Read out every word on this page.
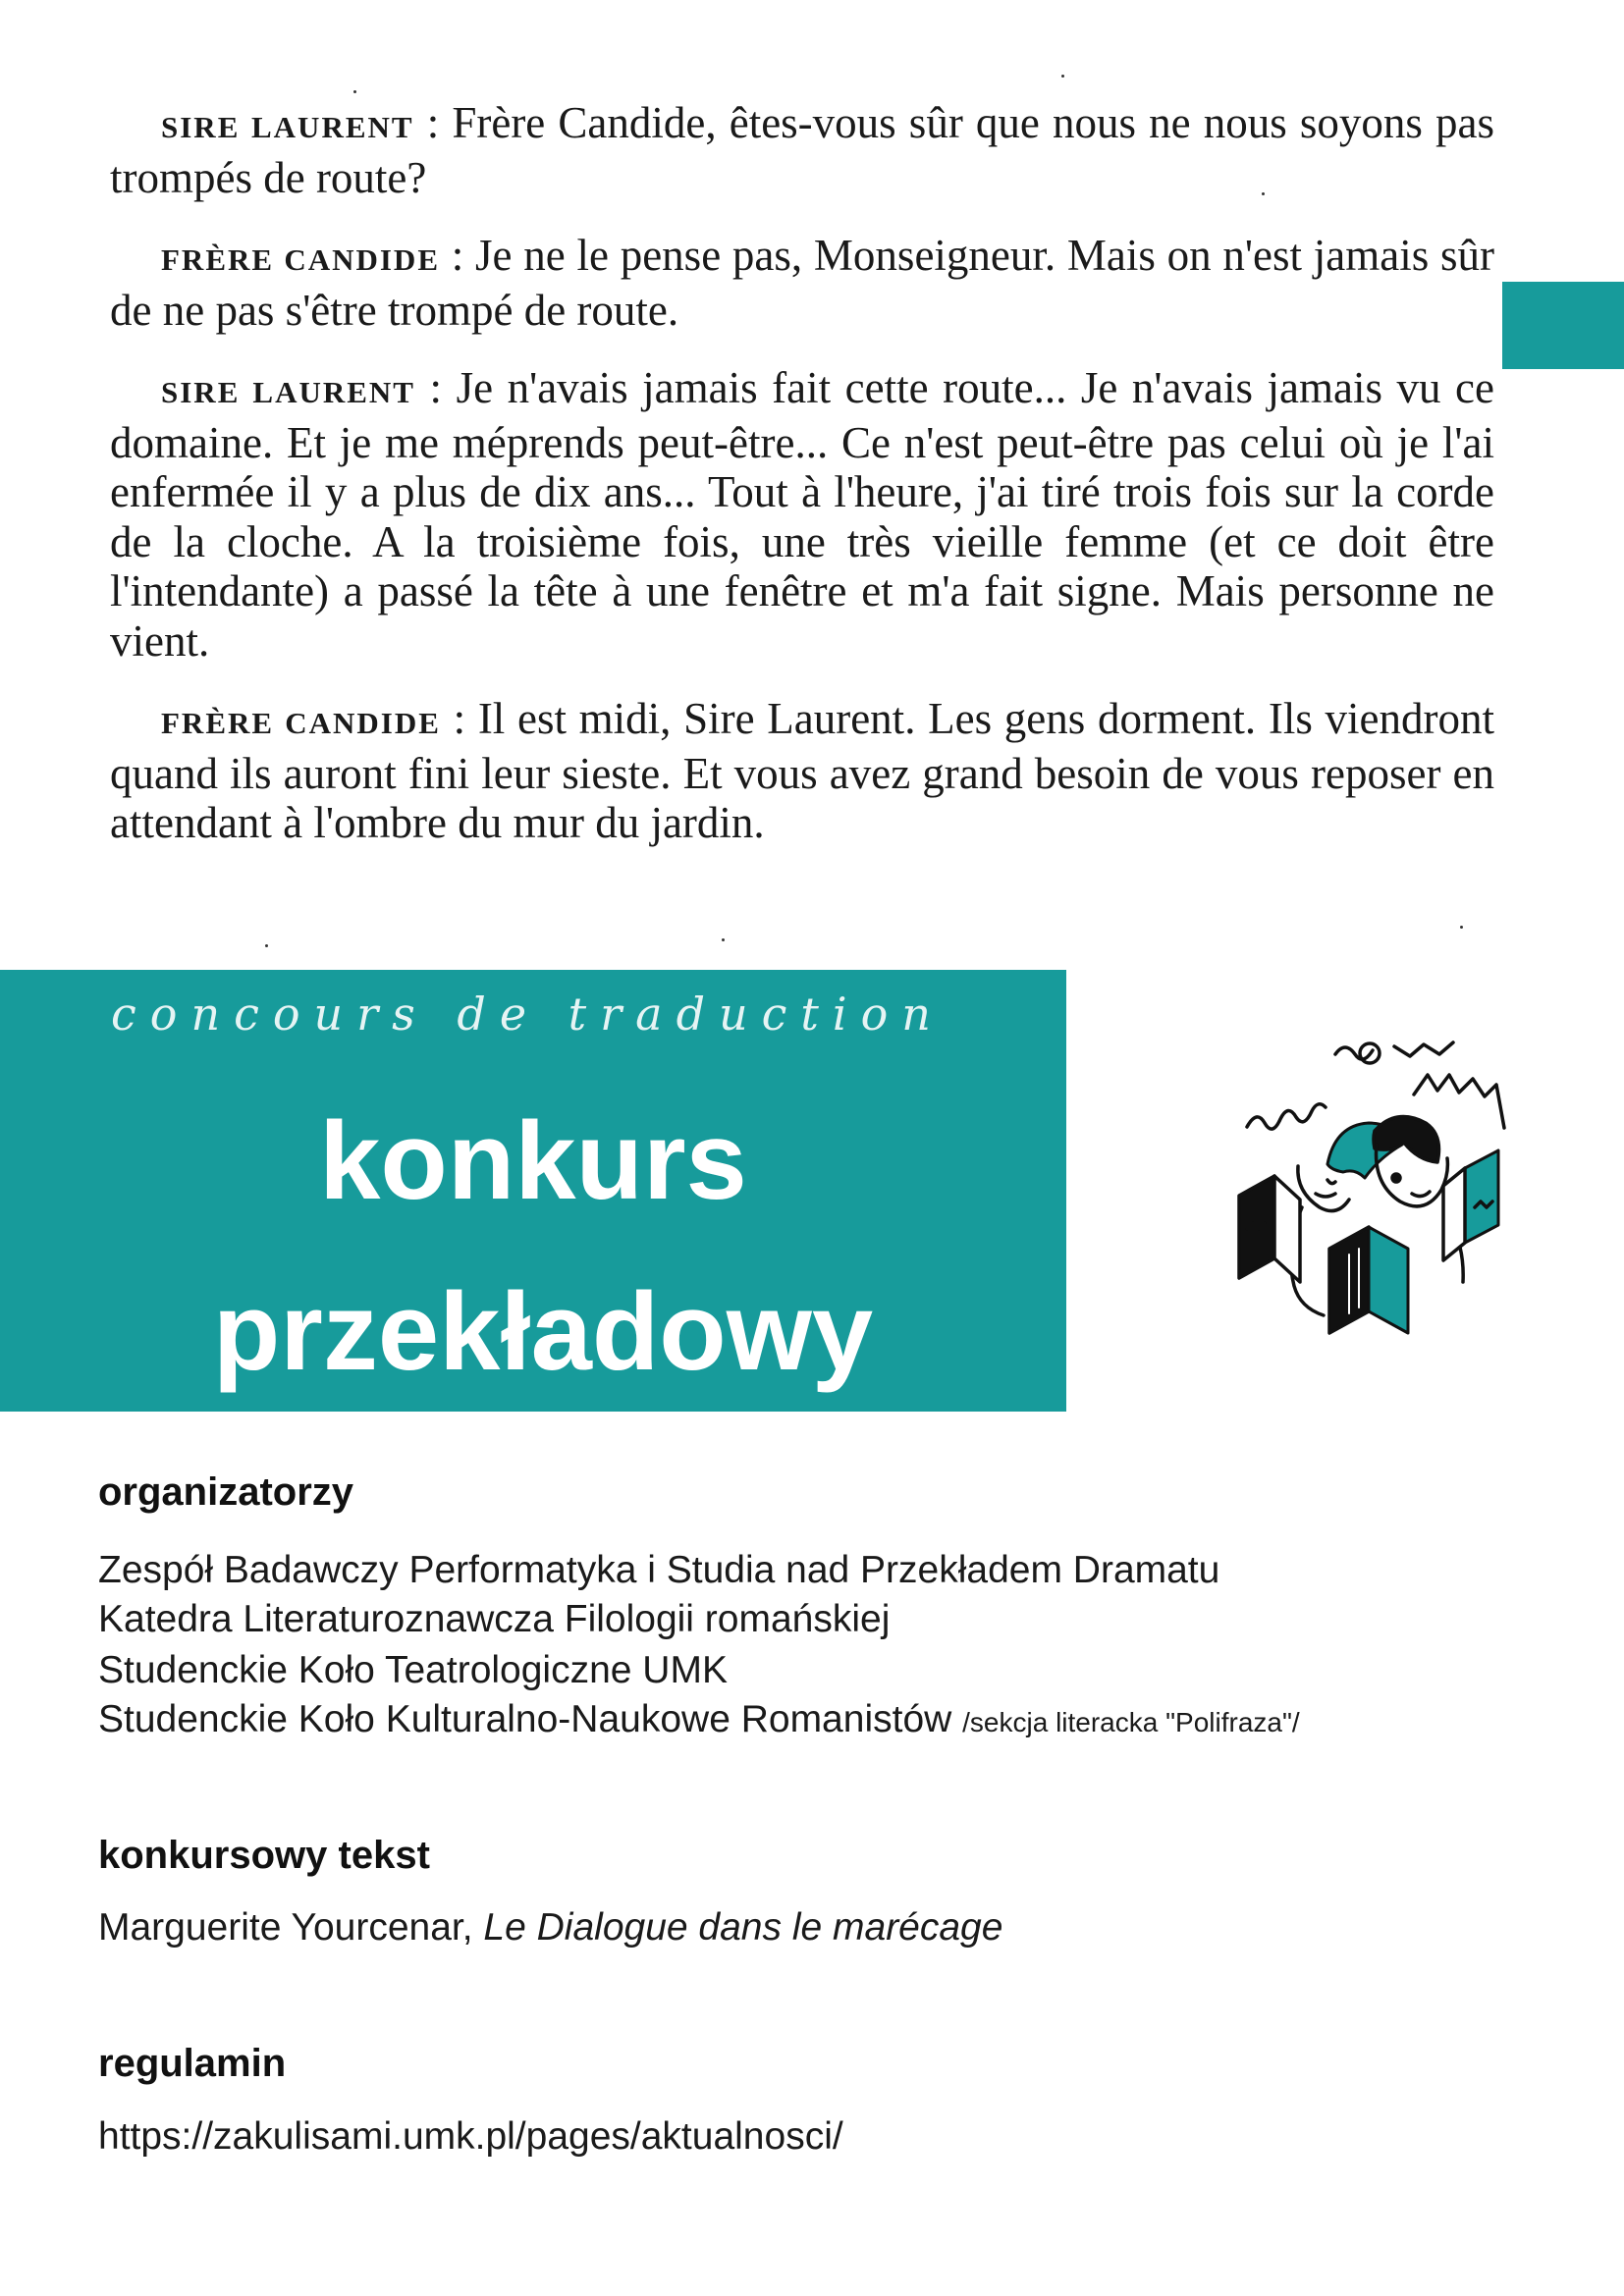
SIRE LAURENT : Frère Candide, êtes-vous sûr que nous ne nous soyons pas trompés de route?

FRÈRE CANDIDE : Je ne le pense pas, Monseigneur. Mais on n'est jamais sûr de ne pas s'être trompé de route.

SIRE LAURENT : Je n'avais jamais fait cette route... Je n'avais jamais vu ce domaine. Et je me méprends peut-être... Ce n'est peut-être pas celui où je l'ai enfermée il y a plus de dix ans... Tout à l'heure, j'ai tiré trois fois sur la corde de la cloche. A la troisième fois, une très vieille femme (et ce doit être l'intendante) a passé la tête à une fenêtre et m'a fait signe. Mais personne ne vient.

FRÈRE CANDIDE : Il est midi, Sire Laurent. Les gens dorment. Ils viendront quand ils auront fini leur sieste. Et vous avez grand besoin de vous reposer en attendant à l'ombre du mur du jardin.

concours de traduction
konkurs
przekładowy
organizatorzy
Zespół Badawczy Performatyka i Studia nad Przekładem Dramatu
Katedra Literaturoznawcza Filologii romańskiej
Studenckie Koło Teatrologiczne UMK
Studenckie Koło Kulturalno-Naukowe Romanistów /sekcja literacka "Polifraza"/
konkursowy tekst
Marguerite Yourcenar, Le Dialogue dans le marécage
regulamin
https://zakulisami.umk.pl/pages/aktualnosci/
